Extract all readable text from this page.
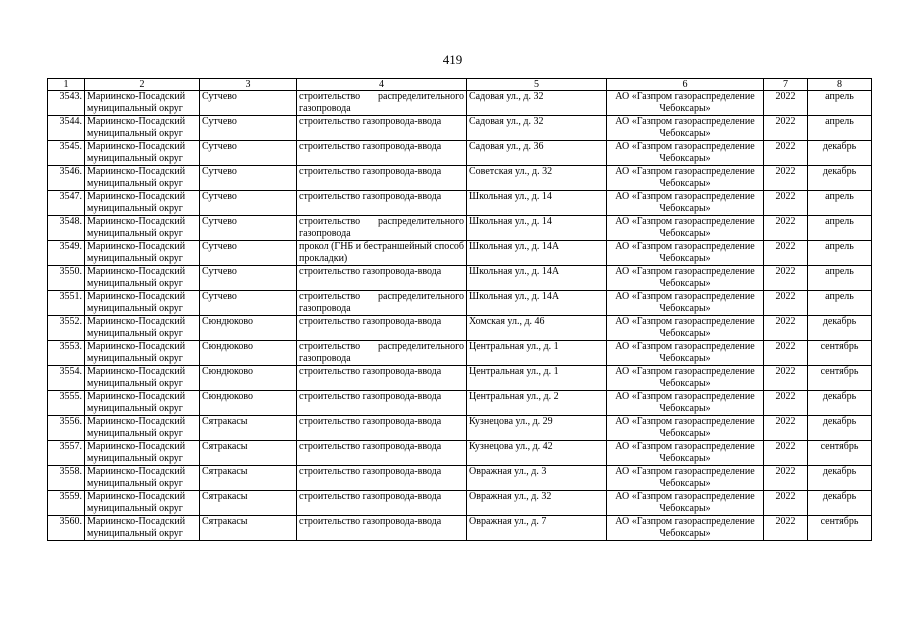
419
1	2	3	4	5	6	7	8
3543.	Мариинско-Посадский муниципальный округ	Сутчево	строительство распределительного газопровода	Садовая ул., д. 32	АО «Газпром газораспределение Чебоксары»	2022	апрель
3544.	Мариинско-Посадский муниципальный округ	Сутчево	строительство газопровода-ввода	Садовая ул., д. 32	АО «Газпром газораспределение Чебоксары»	2022	апрель
3545.	Мариинско-Посадский муниципальный округ	Сутчево	строительство газопровода-ввода	Садовая ул., д. 36	АО «Газпром газораспределение Чебоксары»	2022	декабрь
3546.	Мариинско-Посадский муниципальный округ	Сутчево	строительство газопровода-ввода	Советская ул., д. 32	АО «Газпром газораспределение Чебоксары»	2022	декабрь
3547.	Мариинско-Посадский муниципальный округ	Сутчево	строительство газопровода-ввода	Школьная ул., д. 14	АО «Газпром газораспределение Чебоксары»	2022	апрель
3548.	Мариинско-Посадский муниципальный округ	Сутчево	строительство распределительного газопровода	Школьная ул., д. 14	АО «Газпром газораспределение Чебоксары»	2022	апрель
3549.	Мариинско-Посадский муниципальный округ	Сутчево	прокол (ГНБ и бестраншейный способ прокладки)	Школьная ул., д. 14А	АО «Газпром газораспределение Чебоксары»	2022	апрель
3550.	Мариинско-Посадский муниципальный округ	Сутчево	строительство газопровода-ввода	Школьная ул., д. 14А	АО «Газпром газораспределение Чебоксары»	2022	апрель
3551.	Мариинско-Посадский муниципальный округ	Сутчево	строительство распределительного газопровода	Школьная ул., д. 14А	АО «Газпром газораспределение Чебоксары»	2022	апрель
3552.	Мариинско-Посадский муниципальный округ	Сюндюково	строительство газопровода-ввода	Хомская ул., д. 46	АО «Газпром газораспределение Чебоксары»	2022	декабрь
3553.	Мариинско-Посадский муниципальный округ	Сюндюково	строительство распределительного газопровода	Центральная ул., д. 1	АО «Газпром газораспределение Чебоксары»	2022	сентябрь
3554.	Мариинско-Посадский муниципальный округ	Сюндюково	строительство газопровода-ввода	Центральная ул., д. 1	АО «Газпром газораспределение Чебоксары»	2022	сентябрь
3555.	Мариинско-Посадский муниципальный округ	Сюндюково	строительство газопровода-ввода	Центральная ул., д. 2	АО «Газпром газораспределение Чебоксары»	2022	декабрь
3556.	Мариинско-Посадский муниципальный округ	Сятракасы	строительство газопровода-ввода	Кузнецова ул., д. 29	АО «Газпром газораспределение Чебоксары»	2022	декабрь
3557.	Мариинско-Посадский муниципальный округ	Сятракасы	строительство газопровода-ввода	Кузнецова ул., д. 42	АО «Газпром газораспределение Чебоксары»	2022	сентябрь
3558.	Мариинско-Посадский муниципальный округ	Сятракасы	строительство газопровода-ввода	Овражная ул., д. 3	АО «Газпром газораспределение Чебоксары»	2022	декабрь
3559.	Мариинско-Посадский муниципальный округ	Сятракасы	строительство газопровода-ввода	Овражная ул., д. 32	АО «Газпром газораспределение Чебоксары»	2022	декабрь
3560.	Мариинско-Посадский муниципальный округ	Сятракасы	строительство газопровода-ввода	Овражная ул., д. 7	АО «Газпром газораспределение Чебоксары»	2022	сентябрь
